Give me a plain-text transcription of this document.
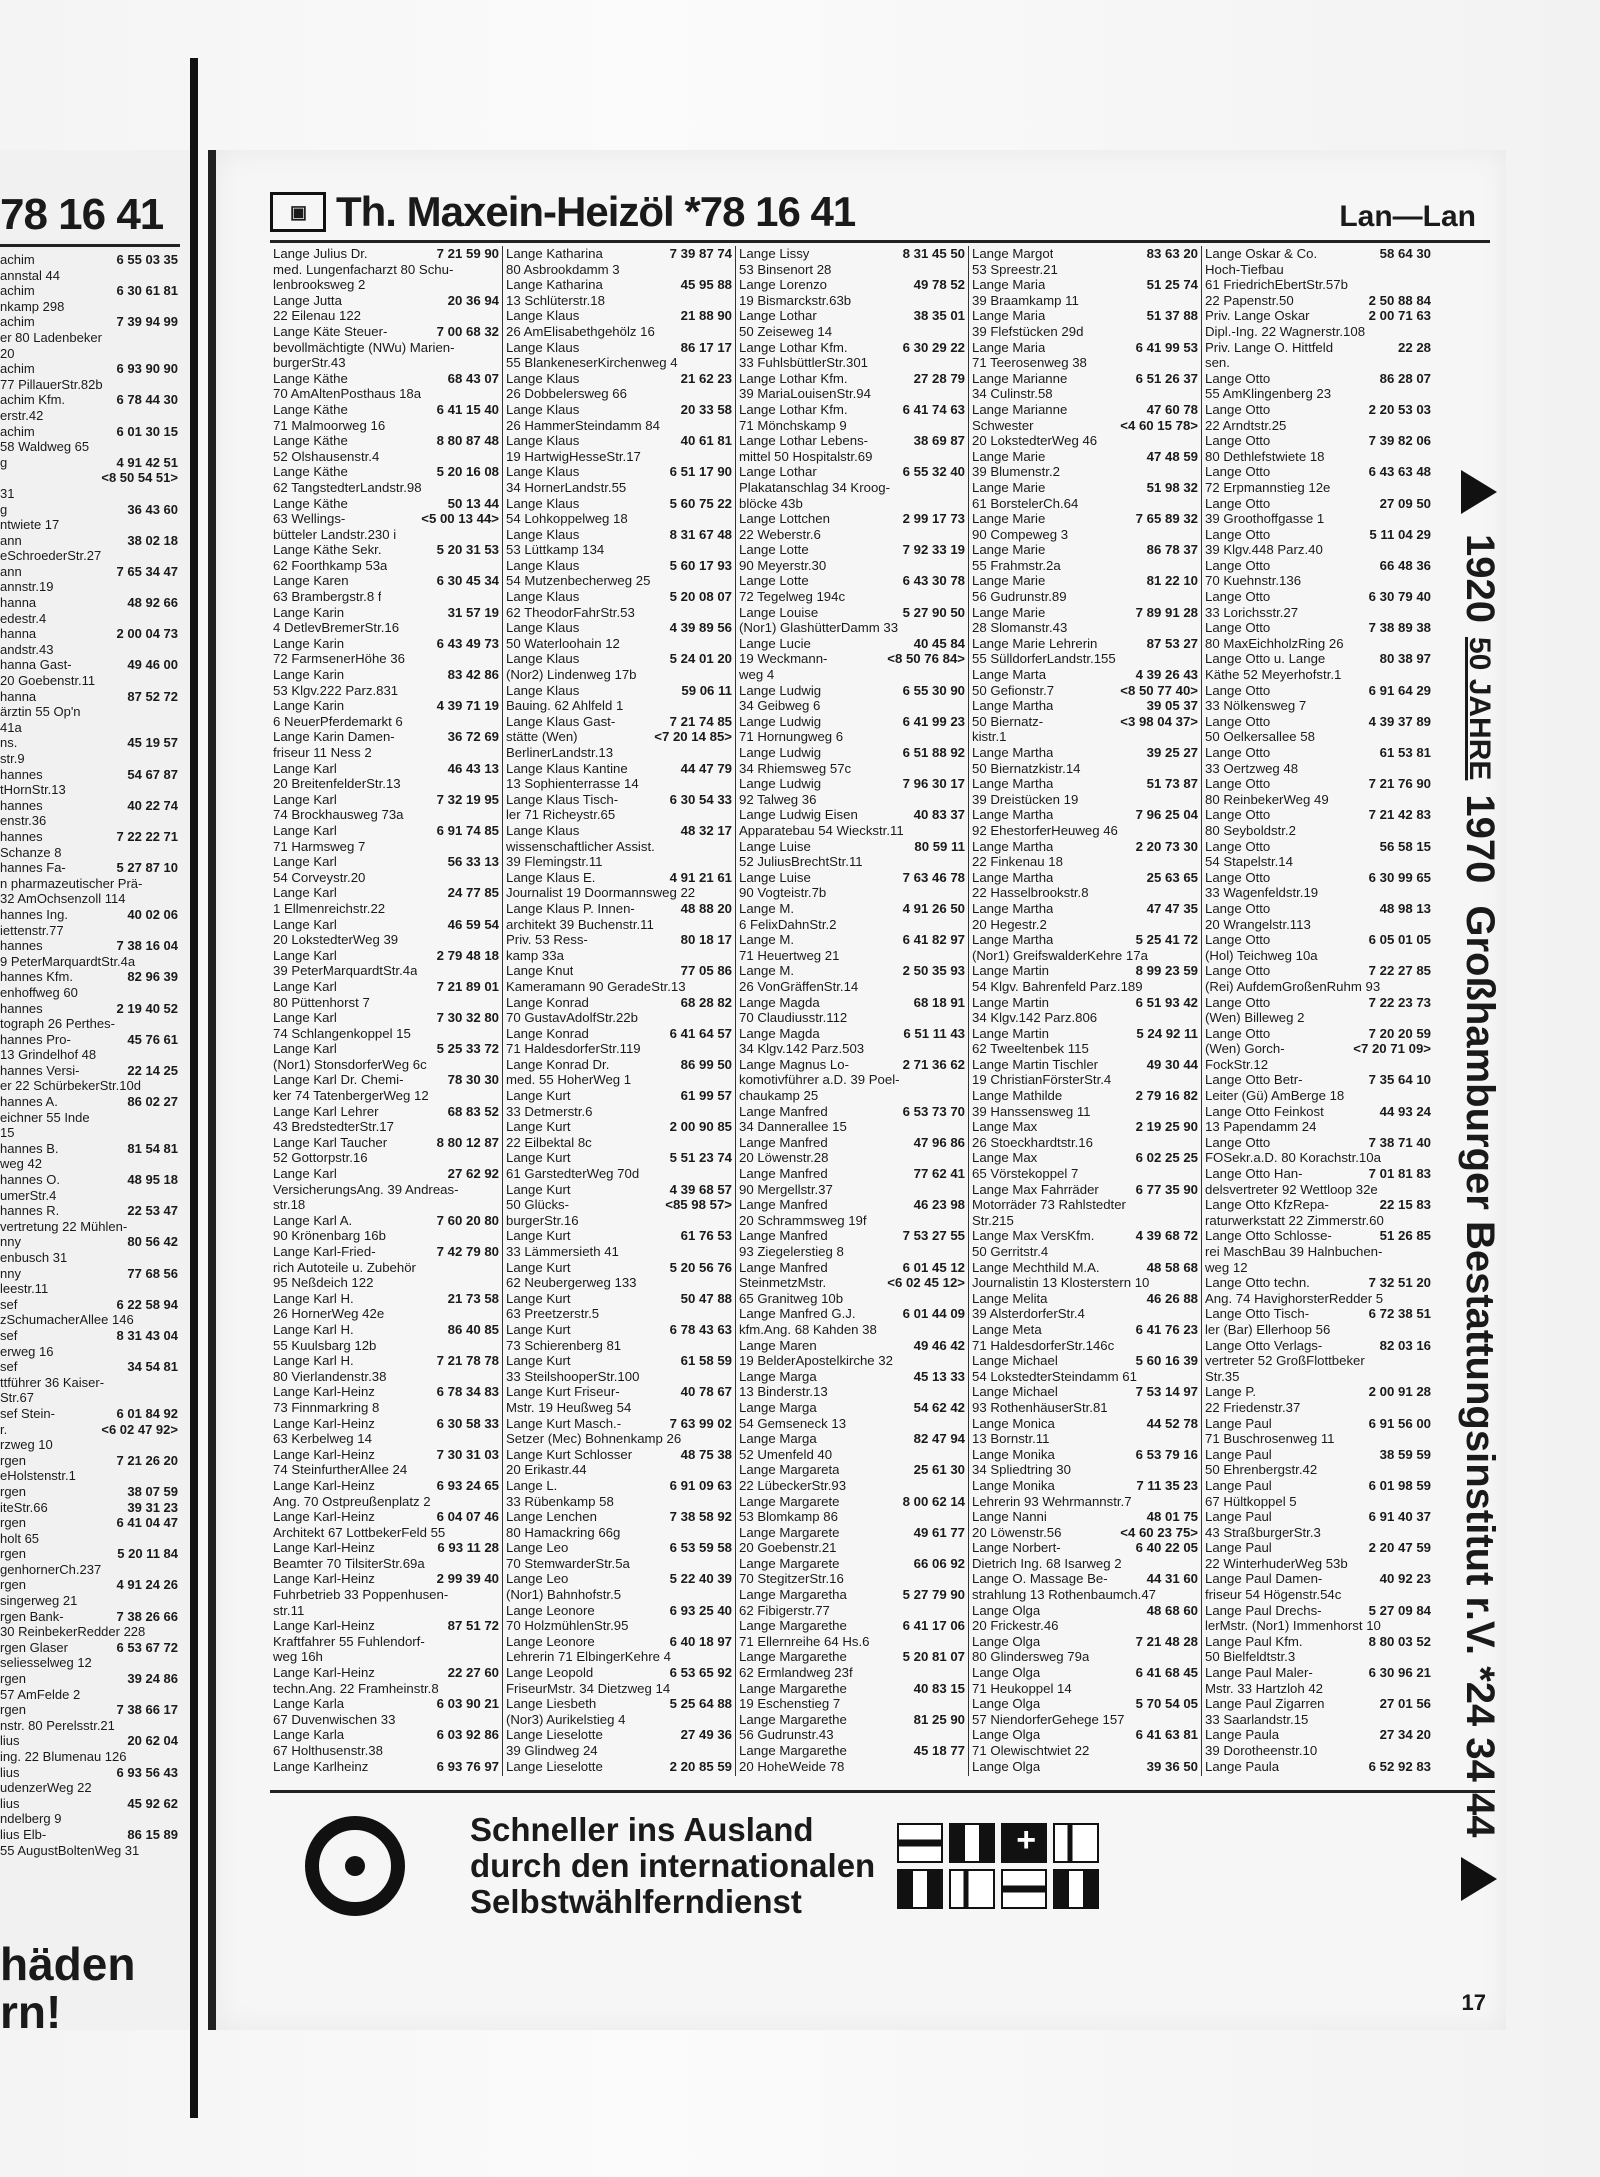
78 16 41
achim	6 55 03 35
annstal 44
achim	6 30 61 81
nkamp 298
achim	7 39 94 99
er 80 Ladenbeker
20
achim	6 93 90 90
77 PillauerStr.82b
achim Kfm.	6 78 44 30
erstr.42
achim	6 01 30 15
58 Waldweg 65
g	4 91 42 51
<8 50 54 51>
31
g	36 43 60
ntwiete 17
ann	38 02 18
eSchroederStr.27
ann	7 65 34 47
annstr.19
hanna	48 92 66
edestr.4
hanna	2 00 04 73
andstr.43
hanna Gast-	49 46 00
20 Goebenstr.11
hanna	87 52 72
ärztin 55 Op'n
41a
ns.	45 19 57
str.9
hannes	54 67 87
tHornStr.13
hannes	40 22 74
enstr.36
hannes	7 22 22 71
Schanze 8
hannes Fa-	5 27 87 10
n pharmazeutischer Prä-
32 AmOchsenzoll 114
hannes Ing.	40 02 06
iettenstr.77
hannes	7 38 16 04
9 PeterMarquardtStr.4a
hannes Kfm.	82 96 39
enhoffweg 60
hannes	2 19 40 52
tograph 26 Perthes-
hannes Pro-	45 76 61
13 Grindelhof 48
hannes Versi-	22 14 25
er 22 SchürbekerStr.10d
hannes A.	86 02 27
eichner 55 Inde
15
hannes B.	81 54 81
weg 42
hannes O.	48 95 18
umerStr.4
hannes R.	22 53 47
vertretung 22 Mühlen-
nny	80 56 42
enbusch 31
nny	77 68 56
leestr.11
sef	6 22 58 94
zSchumacherAllee 146
sef	8 31 43 04
erweg 16
sef	34 54 81
ttführer 36 Kaiser-
Str.67
sef Stein-	6 01 84 92
r.	<6 02 47 92>
rzweg 10
rgen	7 21 26 20
eHolstenstr.1
rgen	38 07 59
iteStr.66	39 31 23
rgen	6 41 04 47
holt 65
rgen	5 20 11 84
genhornerCh.237
rgen	4 91 24 26
singerweg 21
rgen Bank-	7 38 26 66
30 ReinbekerRedder 228
rgen Glaser	6 53 67 72
seliesselweg 12
rgen	39 24 86
57 AmFelde 2
rgen	7 38 66 17
nstr. 80 Perelsstr.21
lius	20 62 04
ing. 22 Blumenau 126
lius	6 93 56 43
udenzerWeg 22
lius	45 92 62
ndelberg 9
lius Elb-	86 15 89
55 AugustBoltenWeg 31
häden
rn!
▣ Th. Maxein-Heizöl *78 16 41	Lan—Lan
Lange Julius Dr.	7 21 59 90
med. Lungenfacharzt 80 Schu-
lenbrooksweg 2
Lange Jutta	20 36 94
22 Eilenau 122
Lange Käte Steuer-	7 00 68 32
bevollmächtigte (NWu) Marien-
burgerStr.43
Lange Käthe	68 43 07
70 AmAltenPosthaus 18a
Lange Käthe	6 41 15 40
71 Malmoorweg 16
Lange Käthe	8 80 87 48
52 Olshausenstr.4
Lange Käthe	5 20 16 08
62 TangstedterLandstr.98
Lange Käthe	50 13 44
63 Wellings-	<5 00 13 44>
bütteler Landstr.230 i
Lange Käthe Sekr.	5 20 31 53
62 Foorthkamp 53a
Lange Karen	6 30 45 34
63 Brambergstr.8 f
Lange Karin	31 57 19
4 DetlevBremerStr.16
Lange Karin	6 43 49 73
72 FarmsenerHöhe 36
Lange Karin	83 42 86
53 Klgv.222 Parz.831
Lange Karin	4 39 71 19
6 NeuerPferdemarkt 6
Lange Karin Damen-	36 72 69
friseur 11 Ness 2
Lange Karl	46 43 13
20 BreitenfelderStr.13
Lange Karl	7 32 19 95
74 Brockhausweg 73a
Lange Karl	6 91 74 85
71 Harmsweg 7
Lange Karl	56 33 13
54 Corveystr.20
Lange Karl	24 77 85
1 Ellmenreichstr.22
Lange Karl	46 59 54
20 LokstedterWeg 39
Lange Karl	2 79 48 18
39 PeterMarquardtStr.4a
Lange Karl	7 21 89 01
80 Püttenhorst 7
Lange Karl	7 30 32 80
74 Schlangenkoppel 15
Lange Karl	5 25 33 72
(Nor1) StonsdorferWeg 6c
Lange Karl Dr. Chemi-	78 30 30
ker 74 TatenbergerWeg 12
Lange Karl Lehrer	68 83 52
43 BredstedterStr.17
Lange Karl Taucher	8 80 12 87
52 Gottorpstr.16
Lange Karl	27 62 92
VersicherungsAng. 39 Andreas-
str.18
Lange Karl A.	7 60 20 80
90 Krönenbarg 16b
Lange Karl-Fried-	7 42 79 80
rich Autoteile u. Zubehör
95 Neßdeich 122
Lange Karl H.	21 73 58
26 HornerWeg 42e
Lange Karl H.	86 40 85
55 Kuulsbarg 12b
Lange Karl H.	7 21 78 78
80 Vierlandenstr.38
Lange Karl-Heinz	6 78 34 83
73 Finnmarkring 8
Lange Karl-Heinz	6 30 58 33
63 Kerbelweg 14
Lange Karl-Heinz	7 30 31 03
74 SteinfurtherAllee 24
Lange Karl-Heinz	6 93 24 65
Ang. 70 Ostpreußenplatz 2
Lange Karl-Heinz	6 04 07 46
Architekt 67 LottbekerFeld 55
Lange Karl-Heinz	6 93 11 28
Beamter 70 TilsiterStr.69a
Lange Karl-Heinz	2 99 39 40
Fuhrbetrieb 33 Poppenhusen-
str.11
Lange Karl-Heinz	87 51 72
Kraftfahrer 55 Fuhlendorf-
weg 16h
Lange Karl-Heinz	22 27 60
techn.Ang. 22 Framheinstr.8
Lange Karla	6 03 90 21
67 Duvenwischen 33
Lange Karla	6 03 92 86
67 Holthusenstr.38
Lange Karlheinz	6 93 76 97
Lange Katharina	7 39 87 74
80 Asbrookdamm 3
Lange Katharina	45 95 88
13 Schlüterstr.18
Lange Klaus	21 88 90
26 AmElisabethgehölz 16
Lange Klaus	86 17 17
55 BlankeneserKirchenweg 4
Lange Klaus	21 62 23
26 Dobbelersweg 66
Lange Klaus	20 33 58
26 HammerSteindamm 84
Lange Klaus	40 61 81
19 HartwigHesseStr.17
Lange Klaus	6 51 17 90
34 HornerLandstr.55
Lange Klaus	5 60 75 22
54 Lohkoppelweg 18
Lange Klaus	8 31 67 48
53 Lüttkamp 134
Lange Klaus	5 60 17 93
54 Mutzenbecherweg 25
Lange Klaus	5 20 08 07
62 TheodorFahrStr.53
Lange Klaus	4 39 89 56
50 Waterloohain 12
Lange Klaus	5 24 01 20
(Nor2) Lindenweg 17b
Lange Klaus	59 06 11
Bauing. 62 Ahlfeld 1
Lange Klaus Gast-	7 21 74 85
stätte (Wen)	<7 20 14 85>
BerlinerLandstr.13
Lange Klaus Kantine	44 47 79
13 Sophienterrasse 14
Lange Klaus Tisch-	6 30 54 33
ler 71 Richeystr.65
Lange Klaus	48 32 17
wissenschaftlicher Assist.
39 Flemingstr.11
Lange Klaus E.	4 91 21 61
Journalist 19 Doormannsweg 22
Lange Klaus P. Innen-	48 88 20
architekt 39 Buchenstr.11
Priv. 53 Ress-	80 18 17
kamp 33a
Lange Knut	77 05 86
Kameramann 90 GeradeStr.13
Lange Konrad	68 28 82
70 GustavAdolfStr.22b
Lange Konrad	6 41 64 57
71 HaldesdorferStr.119
Lange Konrad Dr.	86 99 50
med. 55 HoherWeg 1
Lange Kurt	61 99 57
33 Detmerstr.6
Lange Kurt	2 00 90 85
22 Eilbektal 8c
Lange Kurt	5 51 23 74
61 GarstedterWeg 70d
Lange Kurt	4 39 68 57
50 Glücks-	<85 98 57>
burgerStr.16
Lange Kurt	61 76 53
33 Lämmersieth 41
Lange Kurt	5 20 56 76
62 Neubergerweg 133
Lange Kurt	50 47 88
63 Preetzerstr.5
Lange Kurt	6 78 43 63
73 Schierenberg 81
Lange Kurt	61 58 59
33 SteilshooperStr.100
Lange Kurt Friseur-	40 78 67
Mstr. 19 Heußweg 54
Lange Kurt Masch.-	7 63 99 02
Setzer (Mec) Bohnenkamp 26
Lange Kurt Schlosser	48 75 38
20 Erikastr.44
Lange L.	6 91 09 63
33 Rübenkamp 58
Lange Lenchen	7 38 58 92
80 Hamackring 66g
Lange Leo	6 53 59 58
70 StemwarderStr.5a
Lange Leo	5 22 40 39
(Nor1) Bahnhofstr.5
Lange Leonore	6 93 25 40
70 HolzmühlenStr.95
Lange Leonore	6 40 18 97
Lehrerin 71 ElbingerKehre 4
Lange Leopold	6 53 65 92
FriseurMstr. 34 Dietzweg 14
Lange Liesbeth	5 25 64 88
(Nor3) Aurikelstieg 4
Lange Lieselotte	27 49 36
39 Glindweg 24
Lange Lieselotte	2 20 85 59
Lange Lissy	8 31 45 50
53 Binsenort 28
Lange Lorenzo	49 78 52
19 Bismarckstr.63b
Lange Lothar	38 35 01
50 Zeiseweg 14
Lange Lothar Kfm.	6 30 29 22
33 FuhlsbüttlerStr.301
Lange Lothar Kfm.	27 28 79
39 MariaLouisenStr.94
Lange Lothar Kfm.	6 41 74 63
71 Mönchskamp 9
Lange Lothar Lebens-	38 69 87
mittel 50 Hospitalstr.69
Lange Lothar	6 55 32 40
Plakatanschlag 34 Kroog-
blöcke 43b
Lange Lottchen	2 99 17 73
22 Weberstr.6
Lange Lotte	7 92 33 19
90 Meyerstr.30
Lange Lotte	6 43 30 78
72 Tegelweg 194c
Lange Louise	5 27 90 50
(Nor1) GlashütterDamm 33
Lange Lucie	40 45 84
19 Weckmann-	<8 50 76 84>
weg 4
Lange Ludwig	6 55 30 90
34 Geibweg 6
Lange Ludwig	6 41 99 23
71 Hornungweg 6
Lange Ludwig	6 51 88 92
34 Rhiemsweg 57c
Lange Ludwig	7 96 30 17
92 Talweg 36
Lange Ludwig Eisen	40 83 37
Apparatebau 54 Wieckstr.11
Lange Luise	80 59 11
52 JuliusBrechtStr.11
Lange Luise	7 63 46 78
90 Vogteistr.7b
Lange M.	4 91 26 50
6 FelixDahnStr.2
Lange M.	6 41 82 97
71 Heuertweg 21
Lange M.	2 50 35 93
26 VonGräffenStr.14
Lange Magda	68 18 91
70 Claudiusstr.112
Lange Magda	6 51 11 43
34 Klgv.142 Parz.503
Lange Magnus Lo-	2 71 36 62
komotivführer a.D. 39 Poel-
chaukamp 25
Lange Manfred	6 53 73 70
34 Dannerallee 15
Lange Manfred	47 96 86
20 Löwenstr.28
Lange Manfred	77 62 41
90 Mergellstr.37
Lange Manfred	46 23 98
20 Schrammsweg 19f
Lange Manfred	7 53 27 55
93 Ziegelerstieg 8
Lange Manfred	6 01 45 12
SteinmetzMstr.	<6 02 45 12>
65 Granitweg 10b
Lange Manfred G.J.	6 01 44 09
kfm.Ang. 68 Kahden 38
Lange Maren	49 46 42
19 BelderApostelkirche 32
Lange Marga	45 13 33
13 Binderstr.13
Lange Marga	54 62 42
54 Gemseneck 13
Lange Marga	82 47 94
52 Umenfeld 40
Lange Margareta	25 61 30
22 LübeckerStr.93
Lange Margarete	8 00 62 14
53 Blomkamp 86
Lange Margarete	49 61 77
20 Goebenstr.21
Lange Margarete	66 06 92
70 StegitzerStr.16
Lange Margaretha	5 27 79 90
62 Fibigerstr.77
Lange Margarethe	6 41 17 06
71 Ellernreihe 64 Hs.6
Lange Margarethe	5 20 81 07
62 Ermlandweg 23f
Lange Margarethe	40 83 15
19 Eschenstieg 7
Lange Margarethe	81 25 90
56 Gudrunstr.43
Lange Margarethe	45 18 77
20 HoheWeide 78
Lange Margot	83 63 20
53 Spreestr.21
Lange Maria	51 25 74
39 Braamkamp 11
Lange Maria	51 37 88
39 Flefstücken 29d
Lange Maria	6 41 99 53
71 Teerosenweg 38
Lange Marianne	6 51 26 37
34 Culinstr.58
Lange Marianne	47 60 78
Schwester	<4 60 15 78>
20 LokstedterWeg 46
Lange Marie	47 48 59
39 Blumenstr.2
Lange Marie	51 98 32
61 BorstelerCh.64
Lange Marie	7 65 89 32
90 Compeweg 3
Lange Marie	86 78 37
55 Frahmstr.2a
Lange Marie	81 22 10
56 Gudrunstr.89
Lange Marie	7 89 91 28
28 Slomanstr.43
Lange Marie Lehrerin	87 53 27
55 SülldorferLandstr.155
Lange Marta	4 39 26 43
50 Gefionstr.7	<8 50 77 40>
Lange Martha	39 05 37
50 Biernatz-	<3 98 04 37>
kistr.1
Lange Martha	39 25 27
50 Biernatzkistr.14
Lange Martha	51 73 87
39 Dreistücken 19
Lange Martha	7 96 25 04
92 EhestorferHeuweg 46
Lange Martha	2 20 73 30
22 Finkenau 18
Lange Martha	25 63 65
22 Hasselbrookstr.8
Lange Martha	47 47 35
20 Hegestr.2
Lange Martha	5 25 41 72
(Nor1) GreifswalderKehre 17a
Lange Martin	8 99 23 59
54 Klgv. Bahrenfeld Parz.189
Lange Martin	6 51 93 42
34 Klgv.142 Parz.806
Lange Martin	5 24 92 11
62 Tweeltenbek 115
Lange Martin Tischler	49 30 44
19 ChristianFörsterStr.4
Lange Mathilde	2 79 16 82
39 Hanssensweg 11
Lange Max	2 19 25 90
26 Stoeckhardtstr.16
Lange Max	6 02 25 25
65 Vörstekoppel 7
Lange Max Fahrräder	6 77 35 90
Motorräder 73 Rahlstedter
Str.215
Lange Max VersKfm.	4 39 68 72
50 Gerritstr.4
Lange Mechthild M.A.	48 58 68
Journalistin 13 Klosterstern 10
Lange Melita	46 26 88
39 AlsterdorferStr.4
Lange Meta	6 41 76 23
71 HaldesdorferStr.146c
Lange Michael	5 60 16 39
54 LokstedterSteindamm 61
Lange Michael	7 53 14 97
93 RothenhäuserStr.81
Lange Monica	44 52 78
13 Bornstr.11
Lange Monika	6 53 79 16
34 Spliedtring 30
Lange Monika	7 11 35 23
Lehrerin 93 Wehrmannstr.7
Lange Nanni	48 01 75
20 Löwenstr.56	<4 60 23 75>
Lange Norbert-	6 40 22 05
Dietrich Ing. 68 Isarweg 2
Lange O. Massage Be-	44 31 60
strahlung 13 Rothenbaumch.47
Lange Olga	48 68 60
20 Frickestr.46
Lange Olga	7 21 48 28
80 Glindersweg 79a
Lange Olga	6 41 68 45
71 Heukoppel 14
Lange Olga	5 70 54 05
57 NiendorferGehege 157
Lange Olga	6 41 63 81
71 Olewischtwiet 22
Lange Olga	39 36 50
Lange Oskar & Co.	58 64 30
Hoch-Tiefbau
61 FriedrichEbertStr.57b
22 Papenstr.50	2 50 88 84
Priv. Lange Oskar	2 00 71 63
Dipl.-Ing. 22 Wagnerstr.108
Priv. Lange O. Hittfeld	22 28
sen.
Lange Otto	86 28 07
55 AmKlingenberg 23
Lange Otto	2 20 53 03
22 Arndtstr.25
Lange Otto	7 39 82 06
80 Dethlefstwiete 18
Lange Otto	6 43 63 48
72 Erpmannstieg 12e
Lange Otto	27 09 50
39 Groothoffgasse 1
Lange Otto	5 11 04 29
39 Klgv.448 Parz.40
Lange Otto	66 48 36
70 Kuehnstr.136
Lange Otto	6 30 79 40
33 Lorichsstr.27
Lange Otto	7 38 89 38
80 MaxEichholzRing 26
Lange Otto u. Lange	80 38 97
Käthe 52 Meyerhofstr.1
Lange Otto	6 91 64 29
33 Nölkensweg 7
Lange Otto	4 39 37 89
50 Oelkersallee 58
Lange Otto	61 53 81
33 Oertzweg 48
Lange Otto	7 21 76 90
80 ReinbekerWeg 49
Lange Otto	7 21 42 83
80 Seyboldstr.2
Lange Otto	56 58 15
54 Stapelstr.14
Lange Otto	6 30 99 65
33 Wagenfeldstr.19
Lange Otto	48 98 13
20 Wrangelstr.113
Lange Otto	6 05 01 05
(Hol) Teichweg 10a
Lange Otto	7 22 27 85
(Rei) AufdemGroßenRuhm 93
Lange Otto	7 22 23 73
(Wen) Billeweg 2
Lange Otto	7 20 20 59
(Wen) Gorch-	<7 20 71 09>
FockStr.12
Lange Otto Betr-	7 35 64 10
Leiter (Gü) AmBerge 18
Lange Otto Feinkost	44 93 24
13 Papendamm 24
Lange Otto	7 38 71 40
FOSekr.a.D. 80 Korachstr.10a
Lange Otto Han-	7 01 81 83
delsvertreter 92 Wettloop 32e
Lange Otto KfzRepa-	22 15 83
raturwerkstatt 22 Zimmerstr.60
Lange Otto Schlosse-	51 26 85
rei MaschBau 39 Halnbuchen-
weg 12
Lange Otto techn.	7 32 51 20
Ang. 74 HavighorsterRedder 5
Lange Otto Tisch-	6 72 38 51
ler (Bar) Ellerhoop 56
Lange Otto Verlags-	82 03 16
vertreter 52 GroßFlottbeker
Str.35
Lange P.	2 00 91 28
22 Friedenstr.37
Lange Paul	6 91 56 00
71 Buschrosenweg 11
Lange Paul	38 59 59
50 Ehrenbergstr.42
Lange Paul	6 01 98 59
67 Hültkoppel 5
Lange Paul	6 91 40 37
43 StraßburgerStr.3
Lange Paul	2 20 47 59
22 WinterhuderWeg 53b
Lange Paul Damen-	40 92 23
friseur 54 Högenstr.54c
Lange Paul Drechs-	5 27 09 84
lerMstr. (Nor1) Immenhorst 10
Lange Paul Kfm.	8 80 03 52
50 Bielfeldtstr.3
Lange Paul Maler-	6 30 96 21
Mstr. 33 Hartzloh 42
Lange Paul Zigarren	27 01 56
33 Saarlandstr.15
Lange Paula	27 34 20
39 Dorotheenstr.10
Lange Paula	6 52 92 83
1920
50 JAHRE
1970
Großhamburger Bestattungsinstitut r.V. *24 34 44
Schneller ins Ausland
durch den internationalen
Selbstwählferndienst
+
17
